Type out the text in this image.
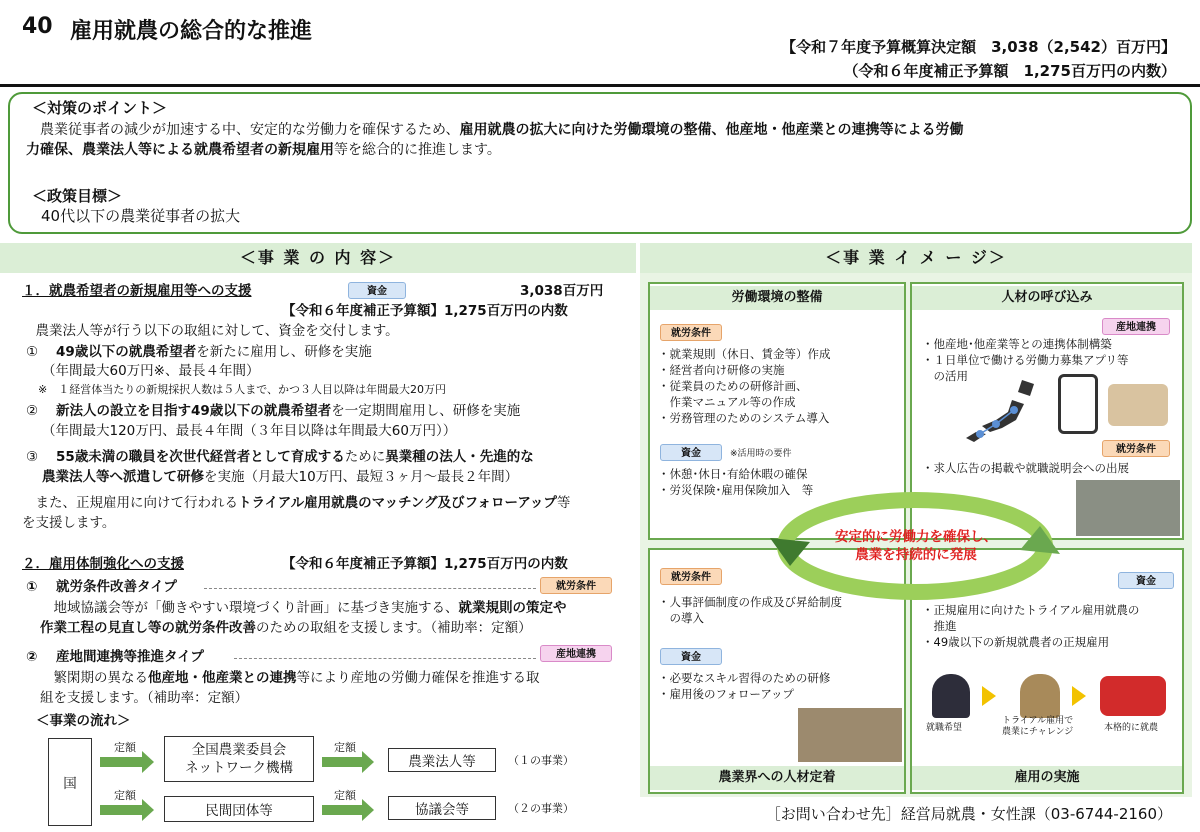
40 雇用就農の総合的な推進
【令和７年度予算概算決定額　3,038（2,542）百万円】
（令和６年度補正予算額　1,275百万円の内数）
＜対策のポイント＞
　農業従事者の減少が加速する中、安定的な労働力を確保するため、雇用就農の拡大に向けた労働環境の整備、他産地・他産業との連携等による労働
力確保、農業法人等による就農希望者の新規雇用等を総合的に推進します。
＜政策目標＞
　40代以下の農業従事者の拡大
＜事 業 の 内 容＞
１．就農希望者の新規雇用等への支援	資金	3,038百万円
【令和６年度補正予算額】1,275百万円の内数
　農業法人等が行う以下の取組に対して、資金を交付します。
① 49歳以下の就農希望者を新たに雇用し、研修を実施
（年間最大60万円※、最長４年間）
※　１経営体当たりの新規採択人数は５人まで、かつ３人目以降は年間最大20万円
② 新法人の設立を目指す49歳以下の就農希望者を一定期間雇用し、研修を実施
（年間最大120万円、最長４年間（３年目以降は年間最大60万円））
③ 55歳未満の職員を次世代経営者として育成するために異業種の法人・先進的な
農業法人等へ派遣して研修を実施（月最大10万円、最短３ヶ月～最長２年間）
　また、正規雇用に向けて行われるトライアル雇用就農のマッチング及びフォローアップ等
を支援します。
２．雇用体制強化への支援	【令和６年度補正予算額】1,275百万円の内数
① 就労条件改善タイプ	就労条件
　地域協議会等が「働きやすい環境づくり計画」に基づき実施する、就業規則の策定や
作業工程の見直し等の就労条件改善のための取組を支援します。（補助率：定額）
② 産地間連携等推進タイプ	産地連携
　繁閑期の異なる他産地・他産業との連携等により産地の労働力確保を推進する取
組を支援します。（補助率：定額）
＜事業の流れ＞
国
定額	全国農業委員会
ネットワーク機構
定額
農業法人等	（１の事業）
定額
民間団体等
定額
協議会等	（２の事業）
＜事 業 イ メ ー ジ＞
労働環境の整備
就労条件
・就業規則（休日、賃金等）作成
・経営者向け研修の実施
・従業員のための研修計画、
　作業マニュアル等の作成
・労務管理のためのシステム導入
資金	※活用時の要件
・休憩･休日･有給休暇の確保
・労災保険･雇用保険加入　等
人材の呼び込み
産地連携
・他産地･他産業等との連携体制構築
・１日単位で働ける労働力募集アプリ等
　の活用
就労条件
・求人広告の掲載や就職説明会への出展
就労条件
・人事評価制度の作成及び昇給制度
　の導入
資金
・必要なスキル習得のための研修
・雇用後のフォローアップ
農業界への人材定着
資金
・正規雇用に向けたトライアル雇用就農の
　推進
・49歳以下の新規就農者の正規雇用
就職希望
トライアル雇用で
農業にチャレンジ	本格的に就農
雇用の実施
安定的に労働力を確保し、
農業を持続的に発展
［お問い合わせ先］経営局就農・女性課（03-6744-2160）
